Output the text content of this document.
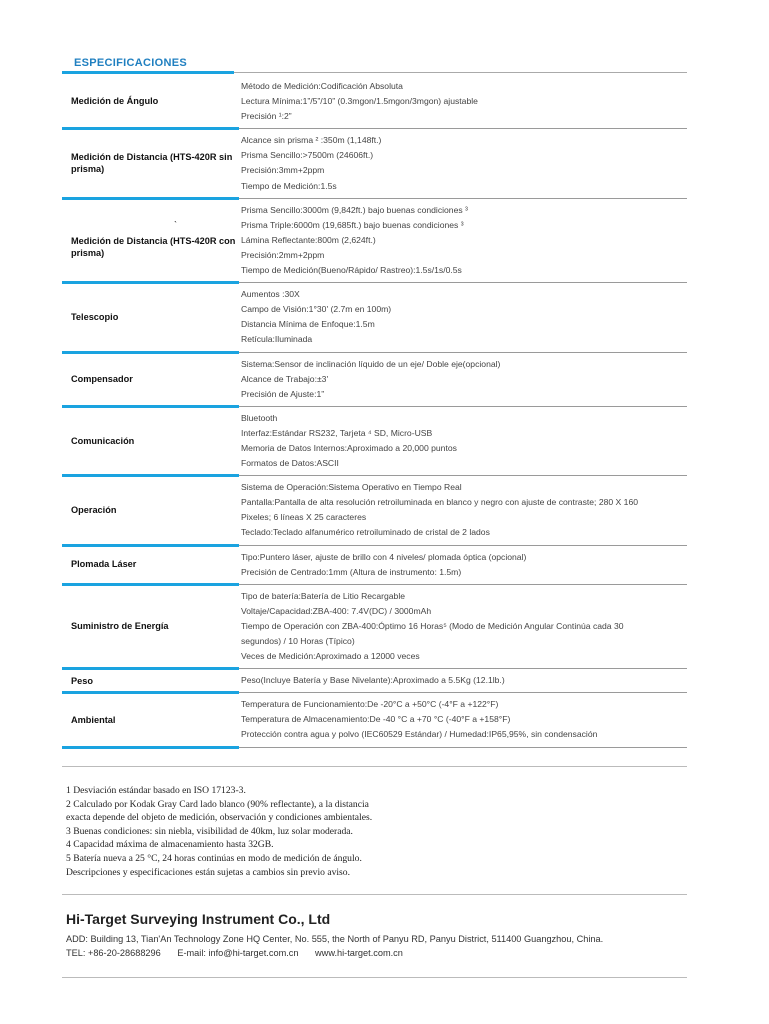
ESPECIFICACIONES
Medición de Ángulo
Método de Medición:Codificación Absoluta
Lectura Mínima:1”/5”/10” (0.3mgon/1.5mgon/3mgon) ajustable
Precisión ¹:2”
Medición de Distancia (HTS-420R sin prisma)
Alcance sin prisma ² :350m (1,148ft.)
Prisma Sencillo:>7500m (24606ft.)
Precisión:3mm+2ppm
Tiempo de Medición:1.5s
`
Medición de Distancia (HTS-420R con prisma)
Prisma Sencillo:3000m (9,842ft.) bajo buenas condiciones ³
Prisma Triple:6000m (19,685ft.) bajo buenas condiciones ³
Lámina Reflectante:800m (2,624ft.)
Precisión:2mm+2ppm
Tiempo de Medición(Bueno/Rápido/ Rastreo):1.5s/1s/0.5s
Telescopio
Aumentos :30X
Campo de Visión:1°30' (2.7m en 100m)
Distancia Mínima de Enfoque:1.5m
Retícula:Iluminada
Compensador
Sistema:Sensor de inclinación líquido de un eje/ Doble eje(opcional)
Alcance de Trabajo:±3'
Precisión de Ajuste:1”
Comunicación
Bluetooth
Interfaz:Estándar RS232, Tarjeta ⁴ SD, Micro-USB
Memoria de Datos Internos:Aproximado a 20,000 puntos
Formatos de Datos:ASCII
Operación
Sistema de Operación:Sistema Operativo en Tiempo Real
Pantalla:Pantalla de alta resolución retroiluminada en blanco y negro con ajuste de contraste; 280 X 160
Pixeles; 6 líneas X 25 caracteres
Teclado:Teclado alfanumérico retroiluminado de cristal de 2 lados
Plomada Láser
Tipo:Puntero láser, ajuste de brillo con 4 niveles/ plomada óptica (opcional)
Precisión de Centrado:1mm (Altura de instrumento: 1.5m)
Suministro de Energía
Tipo de batería:Batería de Litio Recargable
Voltaje/Capacidad:ZBA-400: 7.4V(DC) / 3000mAh
Tiempo de Operación con ZBA-400:Óptimo 16 Horas⁵ (Modo de Medición Angular Continúa cada 30
segundos) / 10 Horas (Típico)
Veces de Medición:Aproximado a 12000 veces
Peso	Peso(Incluye Batería y Base Nivelante):Aproximado a 5.5Kg (12.1lb.)
Ambiental
Temperatura de Funcionamiento:De -20°C a +50°C (-4°F a +122°F)
Temperatura de Almacenamiento:De -40 °C a +70 °C (-40°F a +158°F)
Protección contra agua y polvo (IEC60529 Estándar) / Humedad:IP65,95%, sin condensación
1 Desviación estándar basado en ISO 17123-3.
2 Calculado por Kodak Gray Card lado blanco (90% reflectante), a la distancia
exacta depende del objeto de medición, observación y condiciones ambientales.
3 Buenas condiciones: sin niebla, visibilidad de 40km, luz solar moderada.
4 Capacidad máxima de almacenamiento hasta 32GB.
5 Batería nueva a 25 °C, 24 horas continúas en modo de medición de ángulo.
Descripciones y especificaciones están sujetas a cambios sin previo aviso.
Hi-Target Surveying Instrument Co., Ltd
ADD: Building 13, Tian'An Technology Zone HQ Center, No. 555, the North of Panyu RD, Panyu District, 511400 Guangzhou, China.
TEL: +86-20-28688296 E-mail: info@hi-target.com.cn www.hi-target.com.cn
